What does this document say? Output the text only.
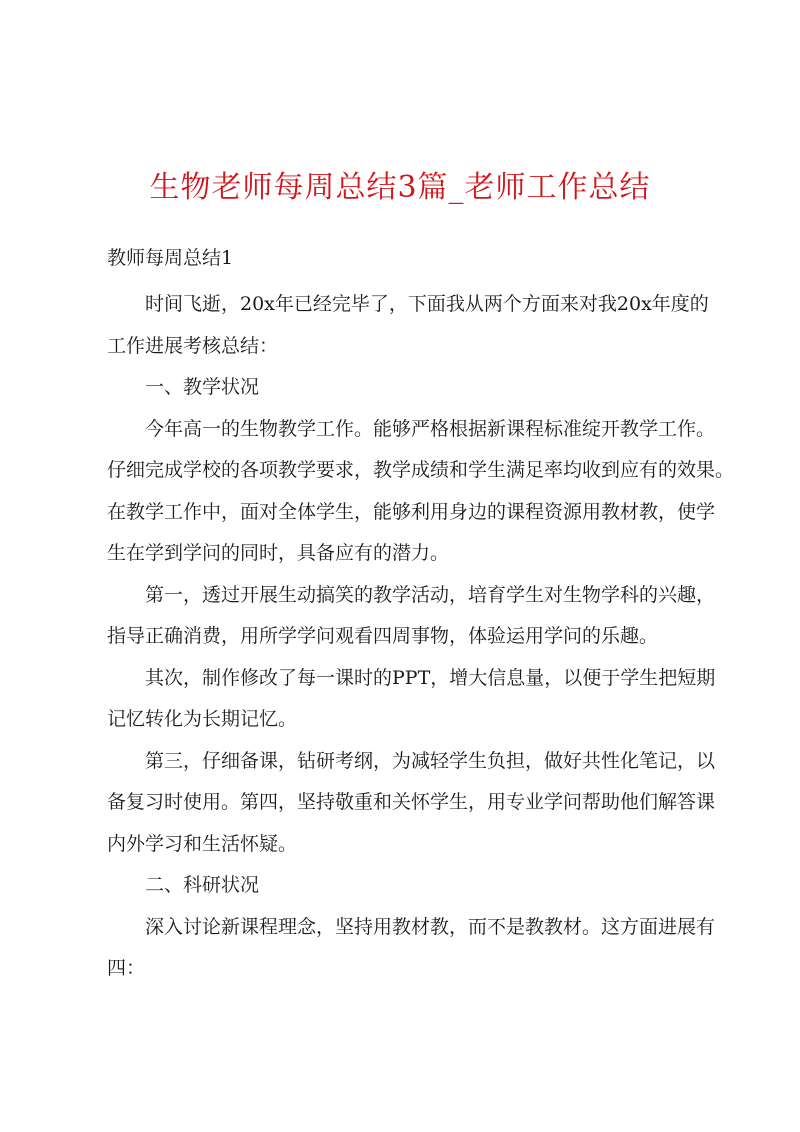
生物老师每周总结3篇_老师工作总结
教师每周总结1
时间飞逝，20x年已经完毕了，下面我从两个方面来对我20x年度的
工作进展考核总结：
一、教学状况
今年高一的生物教学工作。能够严格根据新课程标准绽开教学工作。
仔细完成学校的各项教学要求，教学成绩和学生满足率均收到应有的效果。
在教学工作中，面对全体学生，能够利用身边的课程资源用教材教，使学
生在学到学问的同时，具备应有的潜力。
第一，透过开展生动搞笑的教学活动，培育学生对生物学科的兴趣，
指导正确消费，用所学学问观看四周事物，体验运用学问的乐趣。
其次，制作修改了每一课时的PPT，增大信息量，以便于学生把短期
记忆转化为长期记忆。
第三，仔细备课，钻研考纲，为减轻学生负担，做好共性化笔记，以
备复习时使用。第四，坚持敬重和关怀学生，用专业学问帮助他们解答课
内外学习和生活怀疑。
二、科研状况
深入讨论新课程理念，坚持用教材教，而不是教教材。这方面进展有
四：
